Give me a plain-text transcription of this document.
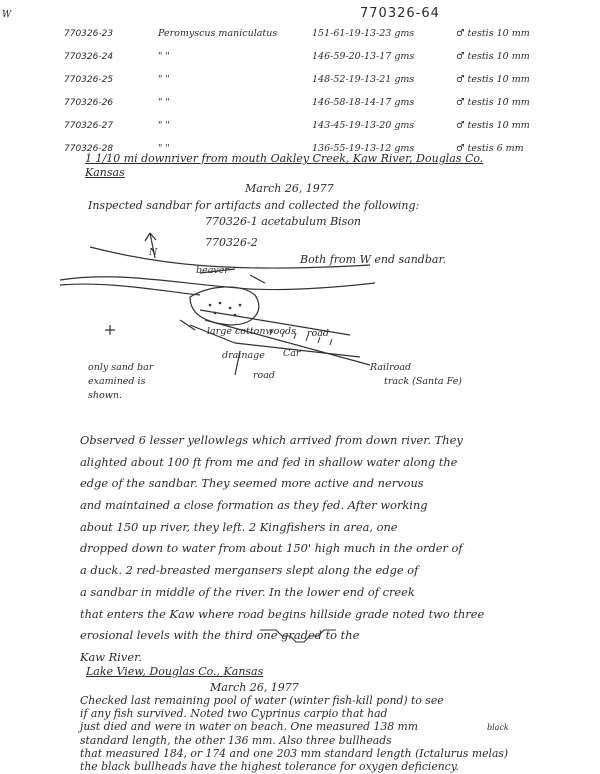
W	770326-64
770326-23	Peromyscus maniculatus	151-61-19-13-23 gms	♂ testis 10 mm
770326-24	" "	146-59-20-13-17 gms	♂ testis 10 mm
770326-25	" "	148-52-19-13-21 gms	♂ testis 10 mm
770326-26	" "	146-58-18-14-17 gms	♂ testis 10 mm
770326-27	" "	143-45-19-13-20 gms	♂ testis 10 mm
770326-28	" "	136-55-19-13-12 gms	♂ testis 6 mm
1 1/10 mi downriver from mouth Oakley Creek, Kaw River, Douglas Co.
Kansas
March 26, 1977
Inspected sandbar for artifacts and collected the following:
770326-1 acetabulum Bison
770326-2
Both from W end sandbar.
N
beaver
large cottonwoods
drainage
road
road
Car
Railroad
track (Santa Fe)
only sand bar
examined is
shown.
Observed 6 lesser yellowlegs which arrived from down river. They
alighted about 100 ft from me and fed in shallow water along the
edge of the sandbar. They seemed more active and nervous
and maintained a close formation as they fed. After working
about 150 up river, they left. 2 Kingfishers in area, one
dropped down to water from about 150' high much in the order of
a duck. 2 red-breasted mergansers slept along the edge of
a sandbar in middle of the river. In the lower end of creek
that enters the Kaw where road begins hillside grade noted two three
erosional levels with the third one graded to the
Kaw River.
Lake View, Douglas Co., Kansas
March 26, 1977
black
Checked last remaining pool of water (winter fish-kill pond) to see
if any fish survived. Noted two Cyprinus carpio that had
just died and were in water on beach. One measured 138 mm
standard length, the other 136 mm. Also three bullheads
that measured 184, or 174 and one 203 mm standard length (Ictalurus melas)
the black bullheads have the highest tolerance for oxygen deficiency.
